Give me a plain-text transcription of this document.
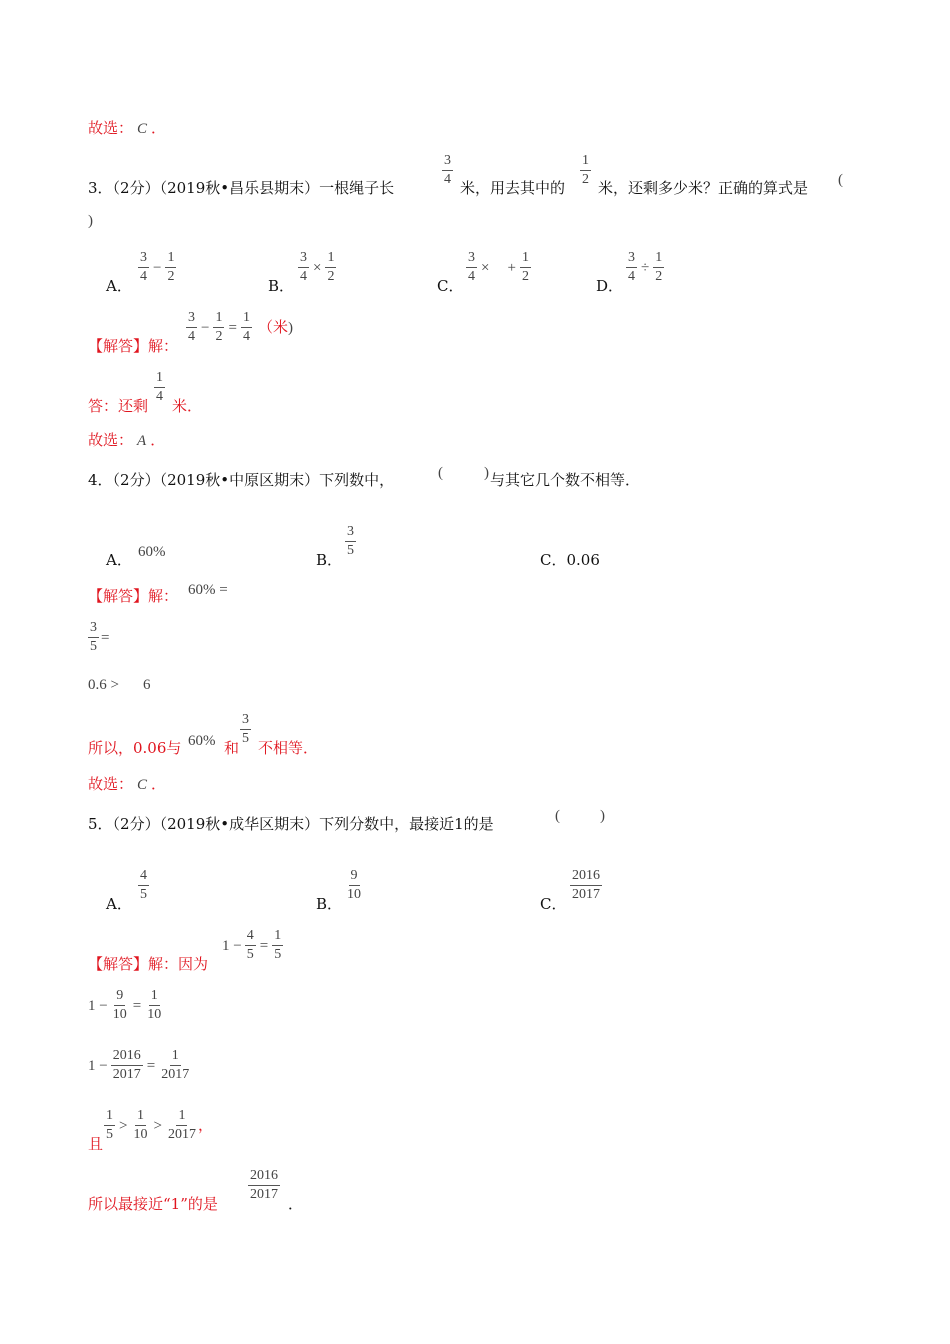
故选： C ．
3．（2分）（2019秋•昌乐县期末）一根绳子长	$\frac{3}{4}$ 米，用去其中的 $\frac{1}{2}$ 米，还剩多少米？正确的算式是 (
)
A．
$\frac{3}{4} - \frac{1}{2}$
B．
$\frac{3}{4} \times \frac{1}{2}$
C．
$\frac{3}{4}$ × + $\frac{1}{2}$
D．
$\frac{3}{4} \div \frac{1}{2}$
【解答】解：
$\frac{3}{4} - \frac{1}{2} = \frac{1}{4}$ （米)
答：还剩
$\frac{1}{4}$
米．
故选： A ．
4．（2分）（2019秋•中原区期末）下列数中，	(	) 与其它几个数不相等．
A． 60%	B．
$\frac{3}{5}$
C．0.06
【解答】解： 60% =
$\frac{3}{5}$ =
0.6 > 6
所以，0.06与 60% 和
$\frac{3}{5}$
不相等．
故选： C ．
5．（2分）（2019秋•成华区期末）下列分数中，最接近1的是	(	)
A．
$\frac{4}{5}$
B．
$\frac{9}{10}$
C．
$\frac{2016}{2017}$
【解答】解：因为
$1 - \frac{4}{5} = \frac{1}{5}$
$1 - \frac{9}{10} = \frac{1}{10}$
$1 - \frac{2016}{2017} = \frac{1}{2017}$
且
$\frac{1}{5} > \frac{1}{10} > \frac{1}{2017}$ ，
所以最接近“1”的是
$\frac{2016}{2017}$
．
